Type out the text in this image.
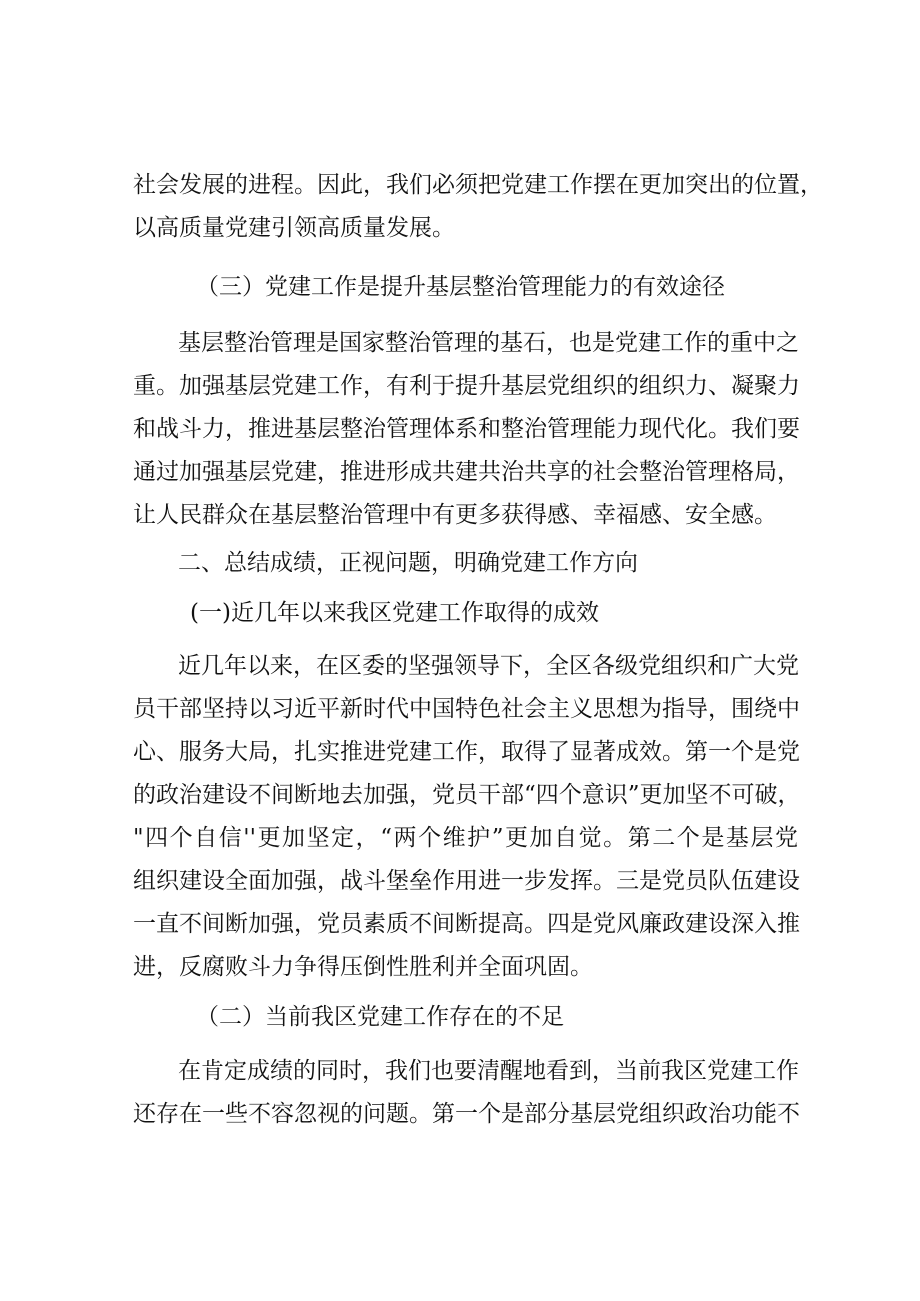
社会发展的进程。因此，我们必须把党建工作摆在更加突出的位置，
以高质量党建引领高质量发展。
（三）党建工作是提升基层整治管理能力的有效途径
基层整治管理是国家整治管理的基石，也是党建工作的重中之
重。加强基层党建工作，有利于提升基层党组织的组织力、凝聚力
和战斗力，推进基层整治管理体系和整治管理能力现代化。我们要
通过加强基层党建，推进形成共建共治共享的社会整治管理格局，
让人民群众在基层整治管理中有更多获得感、幸福感、安全感。
二、总结成绩，正视问题，明确党建工作方向
(一)近几年以来我区党建工作取得的成效
近几年以来，在区委的坚强领导下，全区各级党组织和广大党
员干部坚持以习近平新时代中国特色社会主义思想为指导，围绕中
心、服务大局，扎实推进党建工作，取得了显著成效。第一个是党
的政治建设不间断地去加强，党员干部“四个意识”更加坚不可破，
"四个自信''更加坚定，“两个维护”更加自觉。第二个是基层党
组织建设全面加强，战斗堡垒作用进一步发挥。三是党员队伍建设
一直不间断加强，党员素质不间断提高。四是党风廉政建设深入推
进，反腐败斗力争得压倒性胜利并全面巩固。
（二）当前我区党建工作存在的不足
在肯定成绩的同时，我们也要清醒地看到，当前我区党建工作
还存在一些不容忽视的问题。第一个是部分基层党组织政治功能不
